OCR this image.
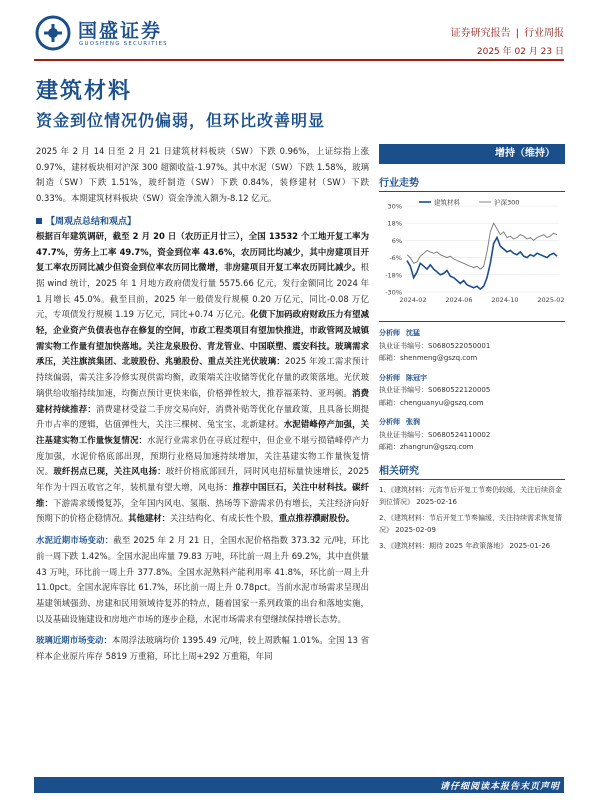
国盛证券
GUOSHENG SECURITIES
证券研究报告 | 行业周报
2025 年 02 月 23 日
建筑材料
资金到位情况仍偏弱，但环比改善明显

2025 年 2 月 14 日至 2 月 21 日建筑材料板块（SW）下跌 0.96%，上证综指上涨 0.97%，建材板块相对沪深 300 超额收益-1.97%。其中水泥（SW）下跌 1.58%，玻璃制造（SW）下跌 1.51%，玻纤制造（SW）下跌 0.84%，装修建材（SW）下跌 0.33%。本期建筑材料板块（SW）资金净流入额为-8.12 亿元。

【周观点总结和观点】

根据百年建筑调研，截至 2 月 20 日（农历正月廿三），全国 13532 个工地开复工率为 47.7%，劳务上工率 49.7%，资金到位率 43.6%，农历同比均减少，其中房建项目开复工率农历同比减少但资金到位率农历同比微增，非房建项目开复工率农历同比减少。根据 wind 统计，2025 年 1 月地方政府债发行量 5575.66 亿元，发行金额同比 2024 年 1 月增长 45.0%。截至目前，2025 年一般债发行规模 0.20 万亿元，同比-0.08 万亿元，专项债发行规模 1.19 万亿元，同比+0.74 万亿元。化债下加码政府财政压力有望减轻，企业资产负债表也存在修复的空间，市政工程类项目有望加快推进，市政管网及城镇需实物工作量有望加快落地。关注龙泉股份、青龙管业、中国联塑、震安科技。玻璃需求承压，关注旗滨集团、北玻股份、兆驰股份、重点关注光伏玻璃：2025 年竣工需求预计持续偏弱，需关注多冷修实现供需均衡，政策端关注收储等优化存量的政策落地。光伏玻璃供给收缩持续加速，均衡点预计更快来临，价格弹性较大，推荐福莱特、亚玛顿。消费建材持续推荐：消费建材受益二手房交易向好，消费补贴等优化存量政策，且具备长期提升市占率的逻辑，估值弹性大，关注三棵树、兔宝宝、北新建材。水泥错峰停产加强，关注基建实物工作量恢复情况：水泥行业需求仍在寻底过程中，但企业不堪亏损错峰停产力度加强，水泥价格底部出现，预期行业格局加速持续增加，关注基建实物工作量恢复情况。玻纤拐点已现，关注风电扬：玻纤价格底部回升，同时风电招标量快速增长，2025 年作为十四五收官之年，装机量有望大增，风电扬：推荐中国巨石，关注中材科技。碳纤维：下游需求缓慢复苏，全年国内风电、氢瓶、热场等下游需求仍有增长，关注经济向好预期下的价格企稳情况。其他建材：关注结构化、有成长性个股，重点推荐濮耐股份。

水泥近期市场变动：截至 2025 年 2 月 21 日，全国水泥价格指数 373.32 元/吨，环比前一周下跌 1.42%。全国水泥出库量 79.83 万吨，环比前一周上升 69.2%，其中直供量 43 万吨，环比前一周上升 377.8%。全国水泥熟料产能利用率 41.8%，环比前一周上升 11.0pct。全国水泥库容比 61.7%，环比前一周上升 0.78pct。当前水泥市场需求呈现出基建领域强劲、房建和民用领域待复苏的特点，随着国家一系列政策的出台和落地实施，以及基础设施建设和房地产市场的逐步企稳，水泥市场需求有望继续保持增长态势。

玻璃近期市场变动：本周浮法玻璃均价 1395.49 元/吨，较上周跌幅 1.01%。全国 13 省样本企业原片库存 5819 万重箱，环比上周+292 万重箱，年同

增持（维持）
行业走势
30%
18%
6%
-6%
-18%
-30%
2024-02	2024-06	2024-10	2025-02
建筑材料	沪深300
分析师 沈猛
执业证书编号：S0680522050001
邮箱：shenmeng@gszq.com
分析师 陈冠宇
执业证书编号：S0680522120005
邮箱：chenguanyu@gszq.com
分析师 张润
执业证书编号：S0680524110002
邮箱：zhangrun@gszq.com
相关研究
1、《建筑材料：元宵节后开复工节奏仍较缓，关注后续资金到位情况》 2025-02-16
2、《建筑材料：节后开复工节奏偏缓，关注持续需求恢复情况》 2025-02-09
3、《建筑材料：期待 2025 年政策落地》 2025-01-26
请仔细阅读本报告末页声明
